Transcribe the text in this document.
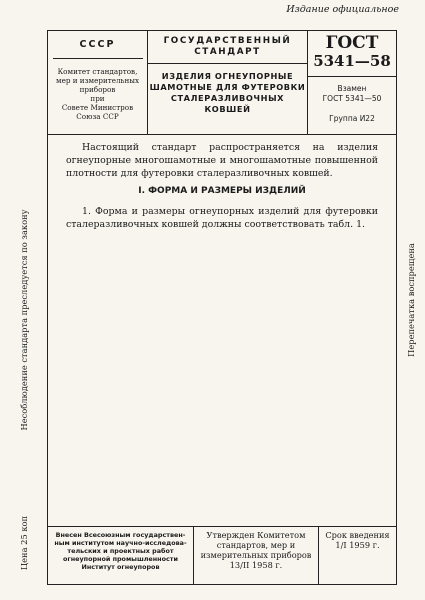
Издание официальное
Несоблюдение стандарта преследуется по закону	Перепечатка воспрещена
Цена 25 коп
СССР
Комитет стандартов,
мер и измерительных
приборов
при
Совете Министров
Союза ССР
ГОСУДАРСТВЕННЫЙ
СТАНДАРТ
ИЗДЕЛИЯ ОГНЕУПОРНЫЕ
ШАМОТНЫЕ ДЛЯ ФУТЕРОВКИ
СТАЛЕРАЗЛИВОЧНЫХ
КОВШЕЙ
ГОСТ
5341—58
Взамен
ГОСТ 5341—50
Группа И22
Настоящий стандарт распространяется на изделия огнеупорные многошамотные и многошамотные повышенной плотности для футеровки сталеразливочных ковшей.
I. ФОРМА И РАЗМЕРЫ ИЗДЕЛИЙ
1. Форма и размеры огнеупорных изделий для футеровки сталеразливочных ковшей должны соответствовать табл. 1.
Внесен Всесоюзным государствен-
ным институтом научно-исследова-
тельских и проектных работ
огнеупорной промышленности
Институт огнеупоров
Утвержден Комитетом
стандартов, мер и
измерительных приборов
13/II 1958 г.
Срок введения
1/I 1959 г.
